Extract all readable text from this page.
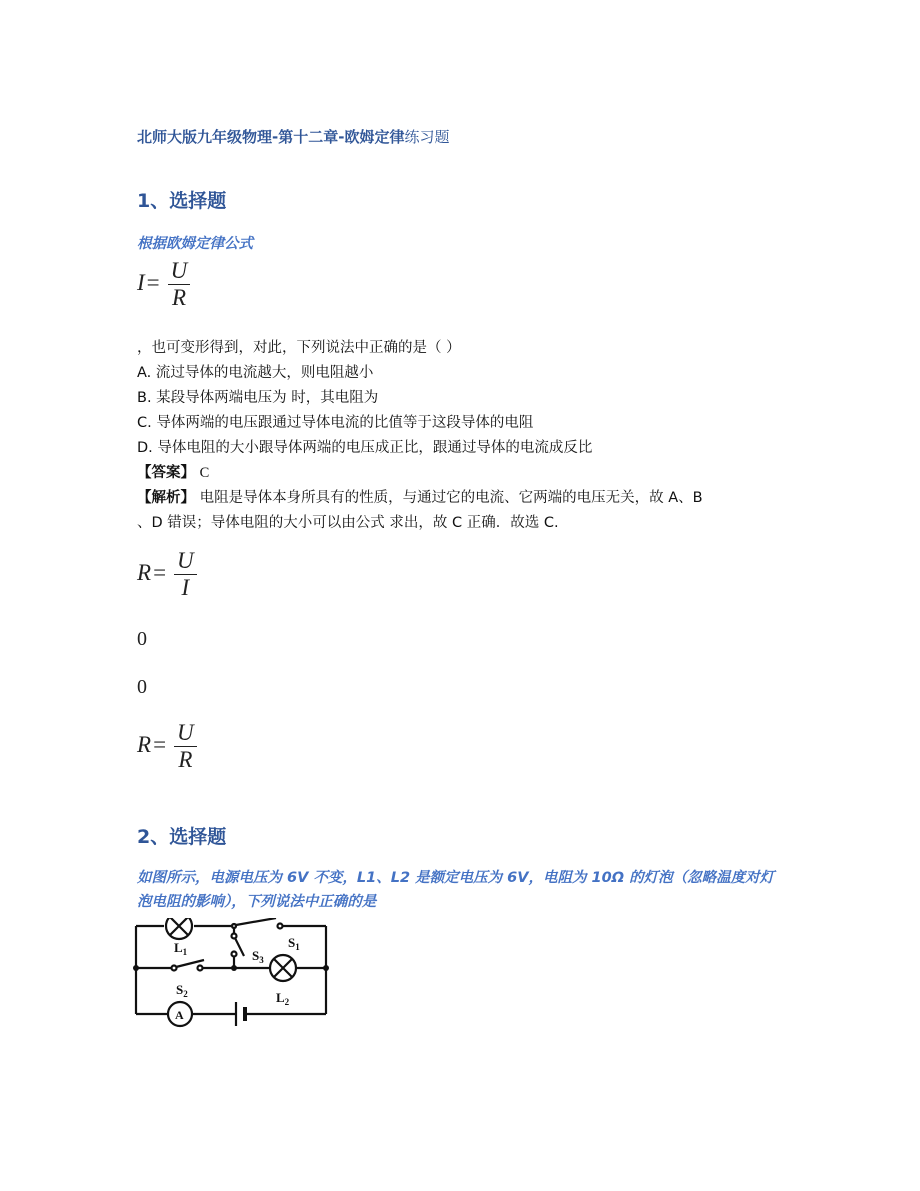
北师大版九年级物理-第十二章-欧姆定律练习题
1、选择题
根据欧姆定律公式
$I= \frac{U}{R}$
，也可变形得到，对此，下列说法中正确的是（ ）
A. 流过导体的电流越大，则电阻越小
B. 某段导体两端电压为 时，其电阻为
C. 导体两端的电压跟通过导体电流的比值等于这段导体的电阻
D. 导体电阻的大小跟导体两端的电压成正比，跟通过导体的电流成反比
【答案】 C
【解析】 电阻是导体本身所具有的性质，与通过它的电流、它两端的电压无关，故 A、B
、D 错误；导体电阻的大小可以由公式 求出，故 C 正确．故选 C.
$R= \frac{U}{I}$
0
0
$R= \frac{U}{R}$
2、选择题
如图所示，电源电压为 6V 不变，L1、L2 是额定电压为 6V，电阻为 10Ω 的灯泡（忽略温度对灯泡电阻的影响），下列说法中正确的是
$L_1$
$L_2$
$S_1$
$S_2$
$S_3$
A
